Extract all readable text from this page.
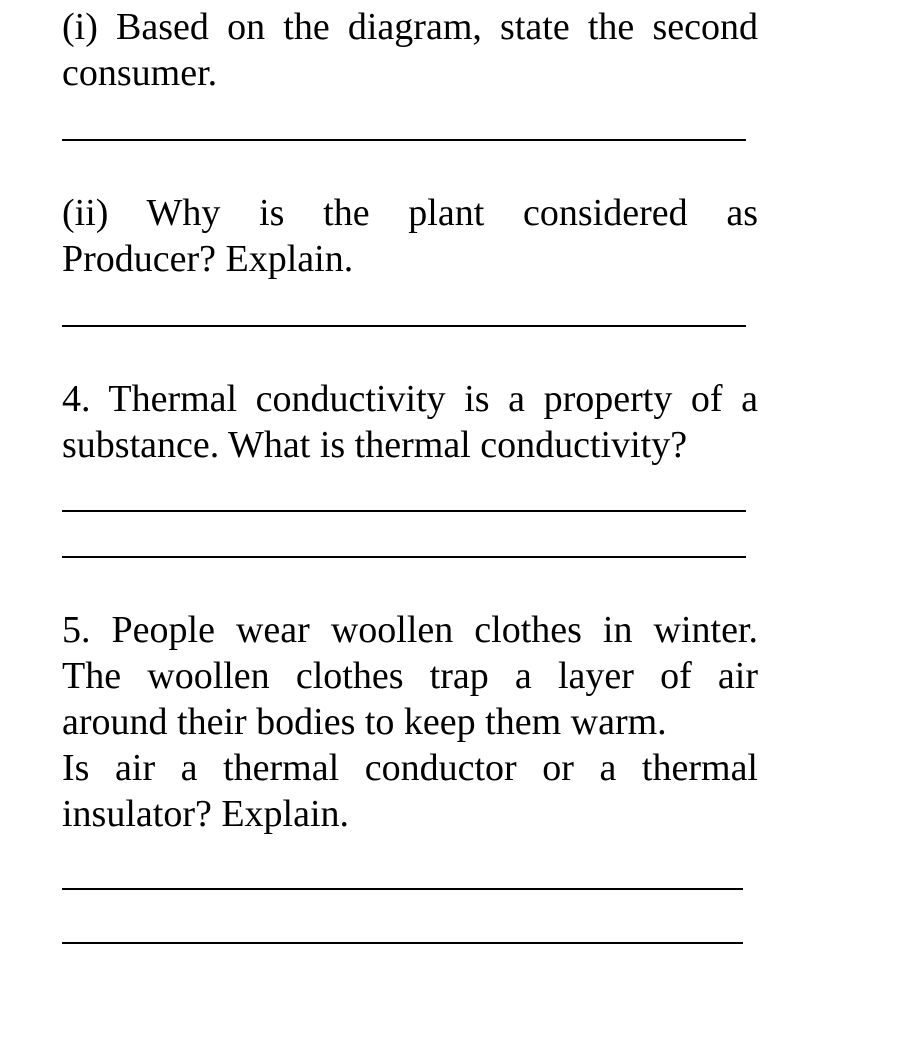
(i) Based on the diagram, state the second
consumer.
(ii) Why is the plant considered as
Producer? Explain.
4. Thermal conductivity is a property of a
substance. What is thermal conductivity?
5. People wear woollen clothes in winter.
The woollen clothes trap a layer of air
around their bodies to keep them warm.
Is air a thermal conductor or a thermal
insulator? Explain.
